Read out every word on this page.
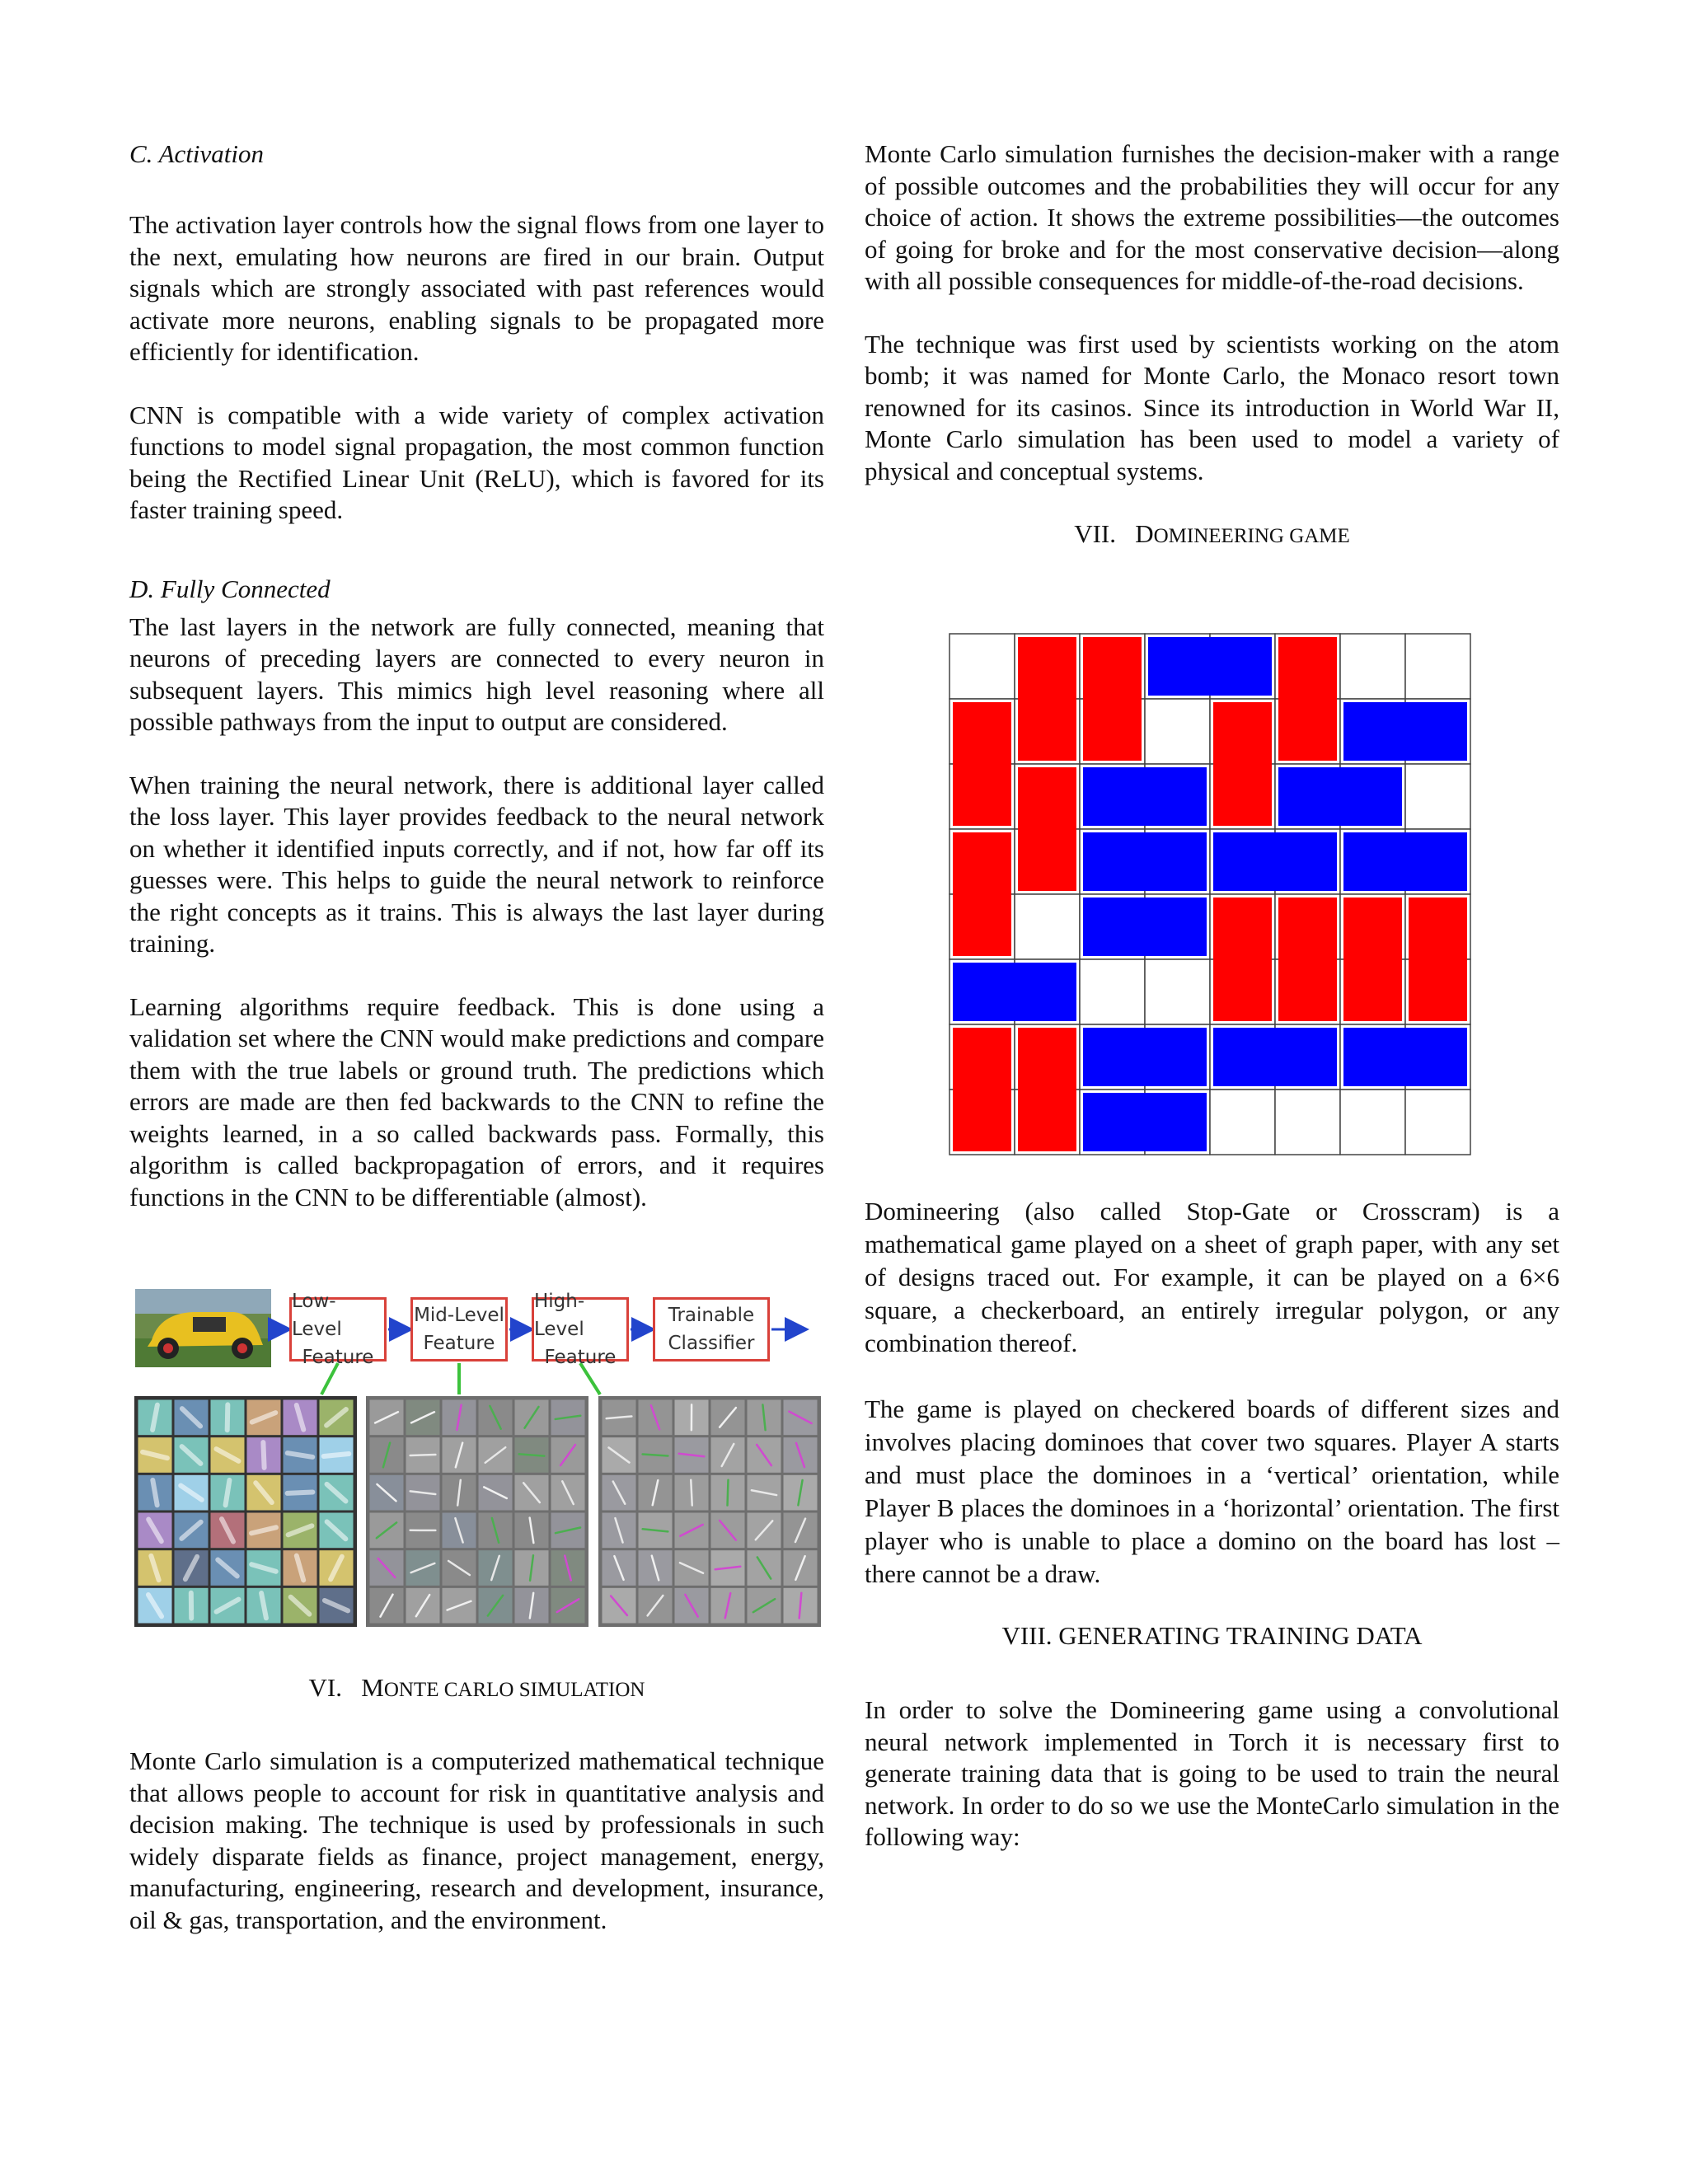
C. Activation

The activation layer controls how the signal flows from one layer to the next, emulating how neurons are fired in our brain. Output signals which are strongly associated with past references would activate more neurons, enabling signals to be propagated more efficiently for identification.

CNN is compatible with a wide variety of complex activation functions to model signal propagation, the most common function being the Rectified Linear Unit (ReLU), which is favored for its faster training speed.

D. Fully Connected

The last layers in the network are fully connected, meaning that neurons of preceding layers are connected to every neuron in subsequent layers. This mimics high level reasoning where all possible pathways from the input to output are considered.

When training the neural network, there is additional layer called the loss layer. This layer provides feedback to the neural network on whether it identified inputs correctly, and if not, how far off its guesses were. This helps to guide the neural network to reinforce the right concepts as it trains. This is always the last layer during training.

Learning algorithms require feedback. This is done using a validation set where the CNN would make predictions and compare them with the true labels or ground truth. The predictions which errors are made are then fed backwards to the CNN to refine the weights learned, in a so called backwards pass. Formally, this algorithm is called backpropagation of errors, and it requires functions in the CNN to be differentiable (almost).

Low-Level
Feature
Mid-Level
Feature
High-Level
Feature
Trainable
Classifier
VI. MONTE CARLO SIMULATION

Monte Carlo simulation is a computerized mathematical technique that allows people to account for risk in quantitative analysis and decision making. The technique is used by professionals in such widely disparate fields as finance, project management, energy, manufacturing, engineering, research and development, insurance, oil & gas, transportation, and the environment.

Monte Carlo simulation furnishes the decision-maker with a range of possible outcomes and the probabilities they will occur for any choice of action. It shows the extreme possibilities—the outcomes of going for broke and for the most conservative decision—along with all possible consequences for middle-of-the-road decisions.

The technique was first used by scientists working on the atom bomb; it was named for Monte Carlo, the Monaco resort town renowned for its casinos. Since its introduction in World War II, Monte Carlo simulation has been used to model a variety of physical and conceptual systems.

VII. DOMINEERING GAME

Domineering (also called Stop-Gate or Crosscram) is a mathematical game played on a sheet of graph paper, with any set of designs traced out. For example, it can be played on a 6×6 square, a checkerboard, an entirely irregular polygon, or any combination thereof.

The game is played on checkered boards of different sizes and involves placing dominoes that cover two squares. Player A starts and must place the dominoes in a ‘vertical’ orientation, while Player B places the dominoes in a ‘horizontal’ orientation. The first player who is unable to place a domino on the board has lost – there cannot be a draw.

VIII. GENERATING TRAINING DATA

In order to solve the Domineering game using a convolutional neural network implemented in Torch it is necessary first to generate training data that is going to be used to train the neural network. In order to do so we use the MonteCarlo simulation in the following way:
